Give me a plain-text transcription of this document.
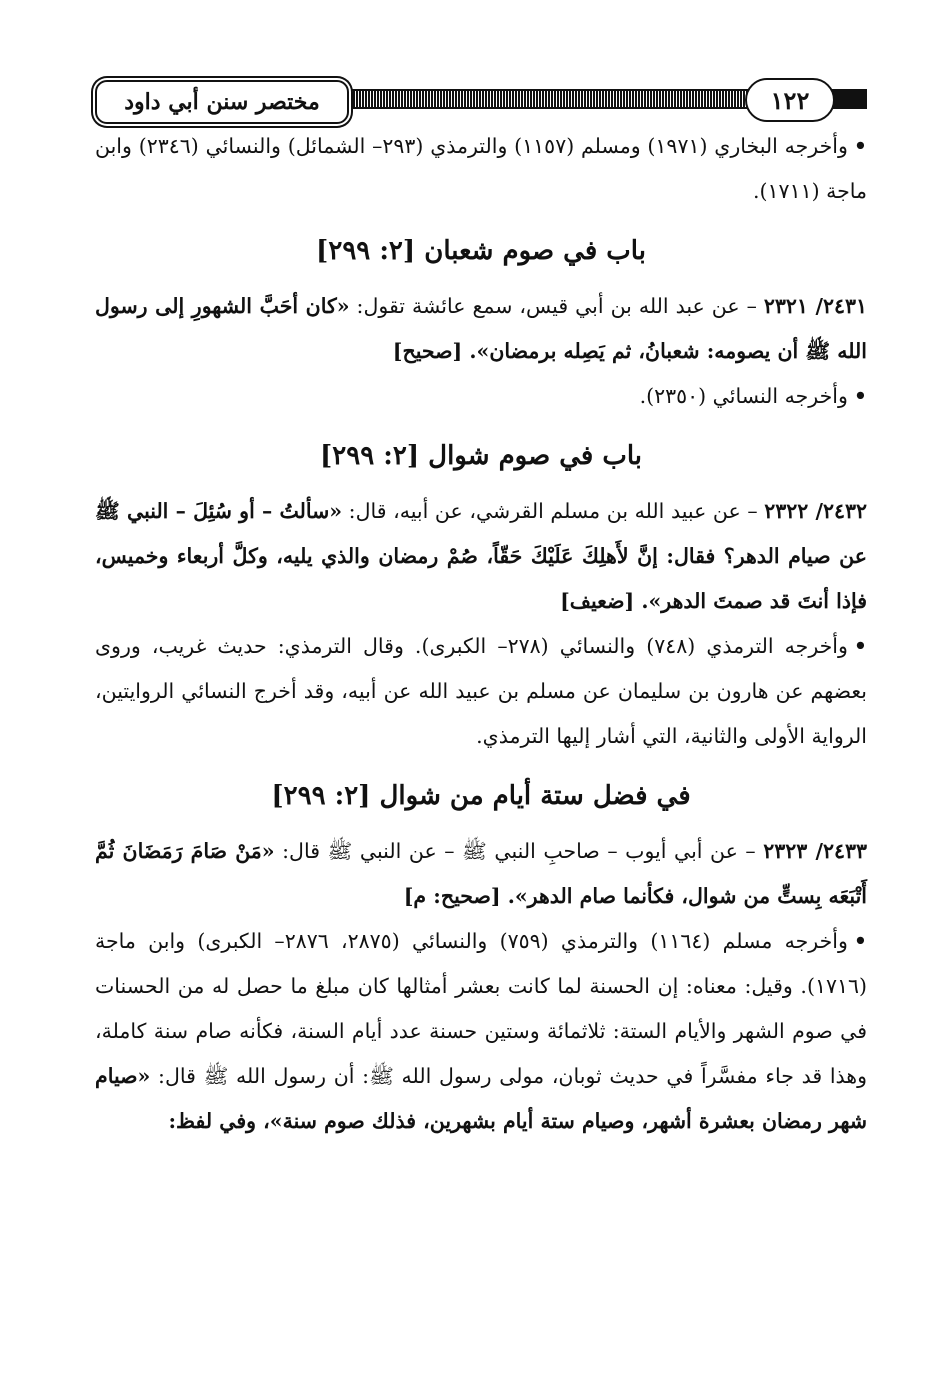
مختصر سنن أبي داود	١٢٢

•وأخرجه البخاري (١٩٧١) ومسلم (١١٥٧) والترمذي (٢٩٣– الشمائل) والنسائي (٢٣٤٦) وابن ماجة (١٧١١).

باب في صوم شعبان [٢: ٢٩٩]

٢٤٣١/ ٢٣٢١ – عن عبد الله بن أبي قيس، سمع عائشة تقول: «كان أحَبَّ الشهورِ إلى رسول الله ﷺ أن يصومه: شعبانُ، ثم يَصِله برمضان». [صحيح]

•وأخرجه النسائي (٢٣٥٠).

باب في صوم شوال [٢: ٢٩٩]

٢٤٣٢/ ٢٣٢٢ – عن عبيد الله بن مسلم القرشي، عن أبيه، قال: «سألتُ – أو سُئِلَ – النبي ﷺ عن صيام الدهر؟ فقال: إنَّ لأَهلِكَ عَلَيْكَ حَقّاً، صُمْ رمضان والذي يليه، وكلَّ أربعاء وخميس، فإذا أنتَ قد صمتَ الدهر». [ضعيف]

•وأخرجه الترمذي (٧٤٨) والنسائي (٢٧٨– الكبرى). وقال الترمذي: حديث غريب، وروى بعضهم عن هارون بن سليمان عن مسلم بن عبيد الله عن أبيه، وقد أخرج النسائي الروايتين، الرواية الأولى والثانية، التي أشار إليها الترمذي.

في فضل ستة أيام من شوال [٢: ٢٩٩]

٢٤٣٣/ ٢٣٢٣ – عن أبي أيوب – صاحبِ النبي ﷺ – عن النبي ﷺ قال: «مَنْ صَامَ رَمَضَانَ ثُمَّ أَتْبَعَه بِستٍّ من شوال، فكأنما صام الدهر». [صحيح: م]

•وأخرجه مسلم (١١٦٤) والترمذي (٧٥٩) والنسائي (٢٨٧٥، ٢٨٧٦– الكبرى) وابن ماجة (١٧١٦). وقيل: معناه: إن الحسنة لما كانت بعشر أمثالها كان مبلغ ما حصل له من الحسنات في صوم الشهر والأيام الستة: ثلاثمائة وستين حسنة عدد أيام السنة، فكأنه صام سنة كاملة، وهذا قد جاء مفسَّراً في حديث ثوبان، مولى رسول الله ﷺ: أن رسول الله ﷺ قال: «صيام شهر رمضان بعشرة أشهر، وصيام ستة أيام بشهرين، فذلك صوم سنة»، وفي لفظ:
